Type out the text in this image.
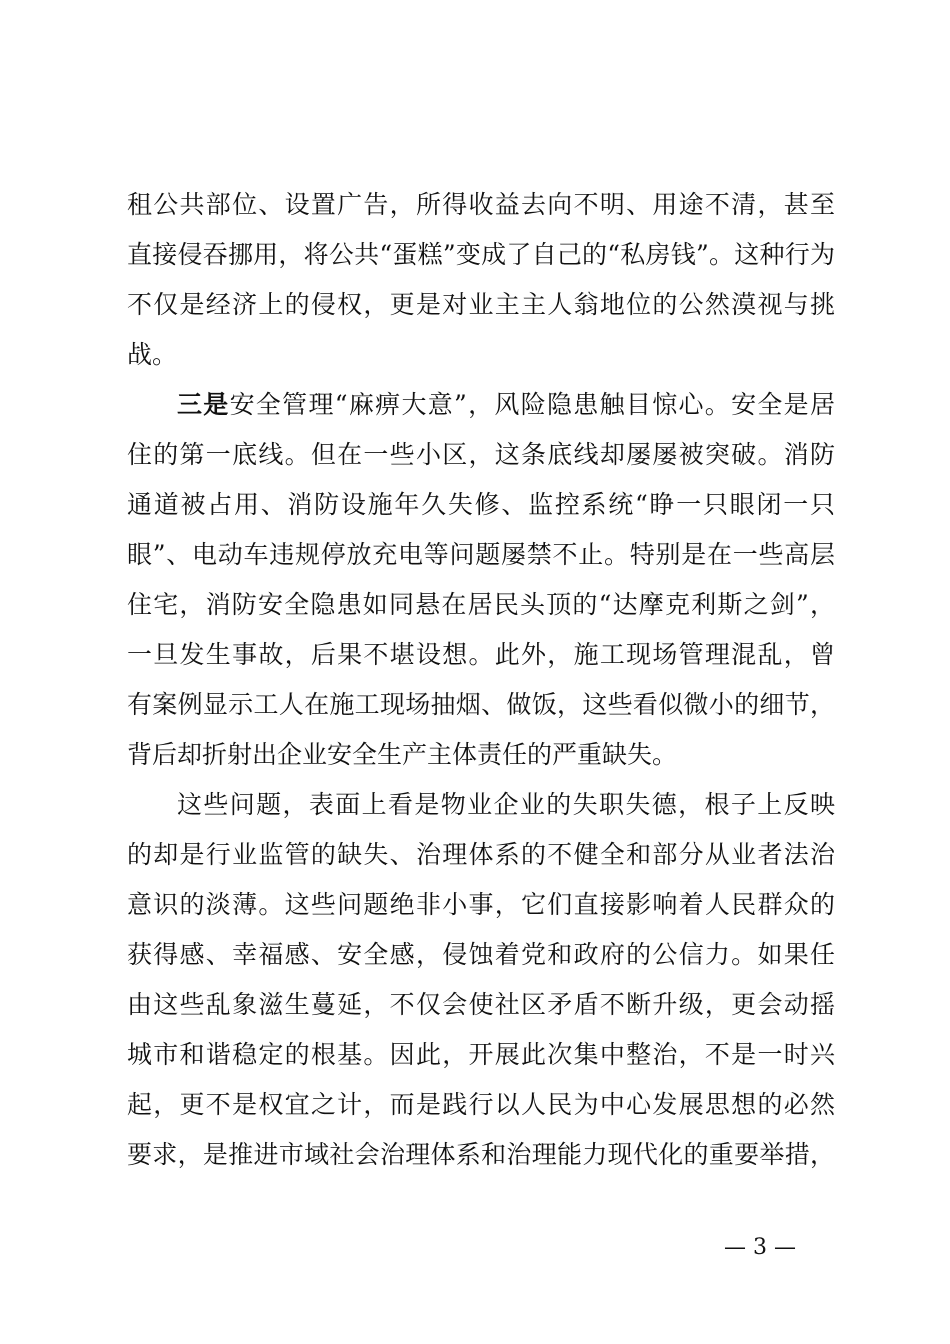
租公共部位、设置广告，所得收益去向不明、用途不清，甚至
直接侵吞挪用，将公共“蛋糕”变成了自己的“私房钱”。这种行为
不仅是经济上的侵权，更是对业主主人翁地位的公然漠视与挑
战。
三是安全管理“麻痹大意”，风险隐患触目惊心。安全是居
住的第一底线。但在一些小区，这条底线却屡屡被突破。消防
通道被占用、消防设施年久失修、监控系统“睁一只眼闭一只
眼”、电动车违规停放充电等问题屡禁不止。特别是在一些高层
住宅，消防安全隐患如同悬在居民头顶的“达摩克利斯之剑”，
一旦发生事故，后果不堪设想。此外，施工现场管理混乱，曾
有案例显示工人在施工现场抽烟、做饭，这些看似微小的细节，
背后却折射出企业安全生产主体责任的严重缺失。
这些问题，表面上看是物业企业的失职失德，根子上反映
的却是行业监管的缺失、治理体系的不健全和部分从业者法治
意识的淡薄。这些问题绝非小事，它们直接影响着人民群众的
获得感、幸福感、安全感，侵蚀着党和政府的公信力。如果任
由这些乱象滋生蔓延，不仅会使社区矛盾不断升级，更会动摇
城市和谐稳定的根基。因此，开展此次集中整治，不是一时兴
起，更不是权宜之计，而是践行以人民为中心发展思想的必然
要求，是推进市域社会治理体系和治理能力现代化的重要举措，
— 3 —
